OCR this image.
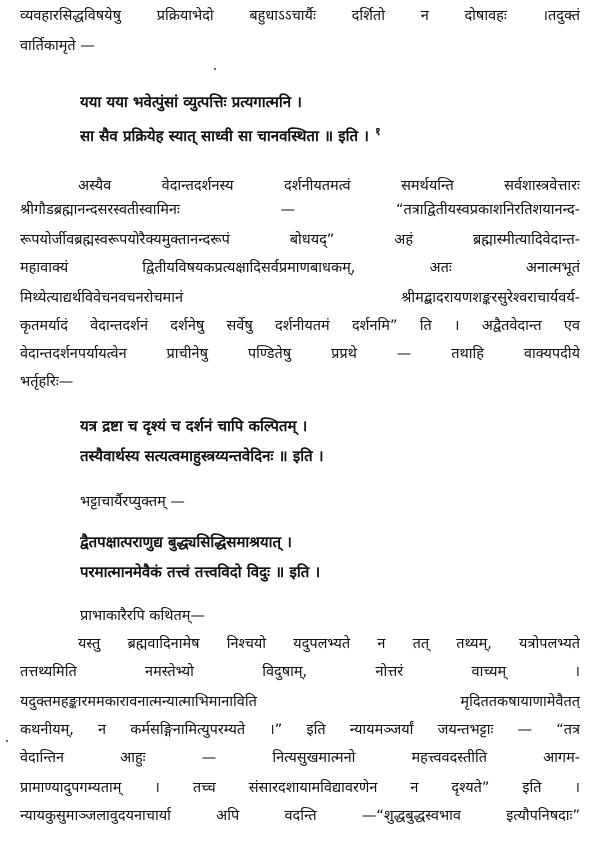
व्यवहारसिद्धविषयेषु प्रक्रियाभेदो बहुधाऽऽचार्यैः दर्शितो न दोषावहः ।तदुक्तं
वार्तिकामृते —
यया यया भवेत्पुंसां व्युत्पत्तिः प्रत्यगात्मनि ।
सा सैव प्रक्रियेह स्यात् साध्वी सा चानवस्थिता ॥ इति । $^१$
अस्यैव वेदान्तदर्शनस्य दर्शनीयतमत्वं समर्थयन्ति सर्वशास्त्रवेत्तारः
श्रीगौडब्रह्मानन्दसरस्वतीस्वामिनः — “तत्राद्वितीयस्वप्रकाशनिरतिशयानन्द-
रूपयोर्जीवब्रह्मस्वरूपयोरैक्यमुक्तानन्दरूपं बोधयद्” अहं ब्रह्मास्मीत्यादिवेदान्त-
महावाक्यं द्वितीयविषयकप्रत्यक्षादिसर्वप्रमाणबाधकम्, अतः अनात्मभूतं
मिथ्येत्याद्यर्थविवेचनवचनरोचमानं श्रीमद्बादरायणशङ्करसुरेश्वराचार्यवर्य-
कृतमर्यादं वेदान्तदर्शनं दर्शनेषु सर्वेषु दर्शनीयतमं दर्शनमि” ति । अद्वैतवेदान्त एव
वेदान्तदर्शनपर्यायत्वेन प्राचीनेषु पण्डितेषु प्रप्रथे — तथाहि वाक्यपदीये
भर्तृहरिः—
यत्र द्रष्टा च दृश्यं च दर्शनं चापि कल्पितम् ।
तस्यैवार्थस्य सत्यत्वमाहुस्त्रय्यन्तवेदिनः ॥ इति ।
भट्टाचार्यैरप्युक्तम् —
द्वैतपक्षात्पराणुद्य बुद्ध्यसिद्धिसमाश्रयात् ।
परमात्मानमेवैकं तत्त्वं तत्त्वविदो विदुः ॥ इति ।
प्राभाकारैरपि कथितम्—
यस्तु ब्रह्मवादिनामेष निश्चयो यदुपलभ्यते न तत् तथ्यम्, यत्रोपलभ्यते
तत्तथ्यमिति नमस्तेभ्यो विदुषाम्, नोत्तरं वाच्यम् ।
यदुक्तमहङ्कारममकारावनात्मन्यात्माभिमानाविति मृदिततकषायाणामेवैतत्
कथनीयम्, न कर्मसङ्गिनामित्युपरम्यते ।” इति न्यायमञ्जर्यां जयन्तभट्टाः — “तत्र
वेदान्तिन आहुः — नित्यसुखमात्मनो महत्त्ववदस्तीति आगम-
प्रामाण्यादुपगम्यताम् । तच्च संसारदशायामविद्यावरणेन न दृश्यते” इति ।
न्यायकुसुमाञ्जलावुदयनाचार्या अपि वदन्ति —“शुद्धबुद्धस्वभाव इत्यौपनिषदाः”
